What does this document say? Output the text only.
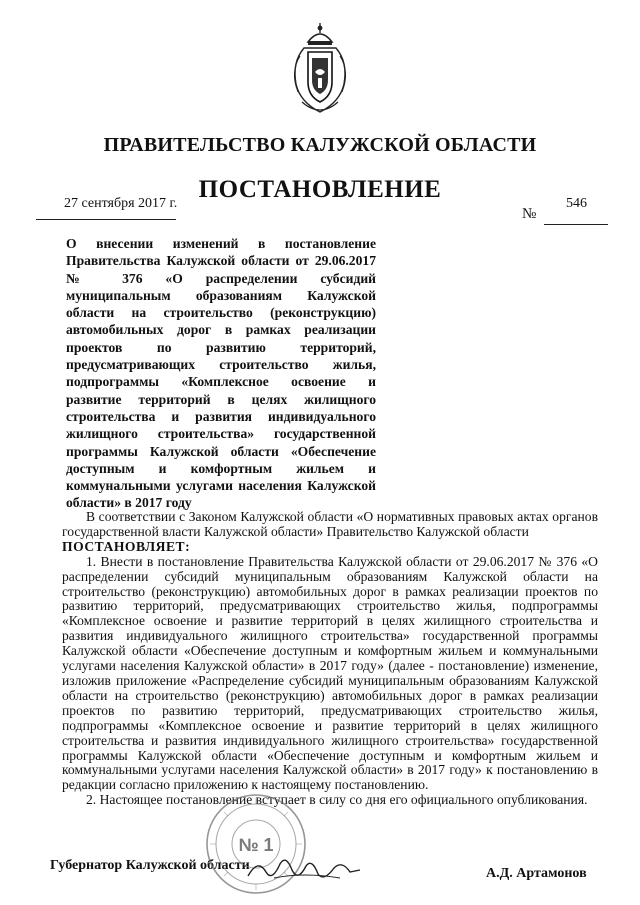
ПРАВИТЕЛЬСТВО КАЛУЖСКОЙ ОБЛАСТИ
ПОСТАНОВЛЕНИЕ
27 сентября 2017 г.
№
546
О внесении изменений в постановление Правительства Калужской области от 29.06.2017 № 376 «О распределении субсидий муниципальным образованиям Калужской области на строительство (реконструкцию) автомобильных дорог в рамках реализации проектов по развитию территорий, предусматривающих строительство жилья, подпрограммы «Комплексное освоение и развитие территорий в целях жилищного строительства и развития индивидуального жилищного строительства» государственной программы Калужской области «Обеспечение доступным и комфортным жильем и коммунальными услугами населения Калужской области» в 2017 году

В соответствии с Законом Калужской области «О нормативных правовых актах органов государственной власти Калужской области» Правительство Калужской области

ПОСТАНОВЛЯЕТ:

1. Внести в постановление Правительства Калужской области от 29.06.2017 № 376 «О распределении субсидий муниципальным образованиям Калужской области на строительство (реконструкцию) автомобильных дорог в рамках реализации проектов по развитию территорий, предусматривающих строительство жилья, подпрограммы «Комплексное освоение и развитие территорий в целях жилищного строительства и развития индивидуального жилищного строительства» государственной программы Калужской области «Обеспечение доступным и комфортным жильем и коммунальными услугами населения Калужской области» в 2017 году» (далее - постановление) изменение, изложив приложение «Распределение субсидий муниципальным образованиям Калужской области на строительство (реконструкцию) автомобильных дорог в рамках реализации проектов по развитию территорий, предусматривающих строительство жилья, подпрограммы «Комплексное освоение и развитие территорий в целях жилищного строительства и развития индивидуального жилищного строительства» государственной программы Калужской области «Обеспечение доступным и комфортным жильем и коммунальными услугами населения Калужской области» в 2017 году» к постановлению в редакции согласно приложению к настоящему постановлению.

2. Настоящее постановление вступает в силу со дня его официального опубликования.

Губернатор Калужской области
А.Д. Артамонов
№ 1
